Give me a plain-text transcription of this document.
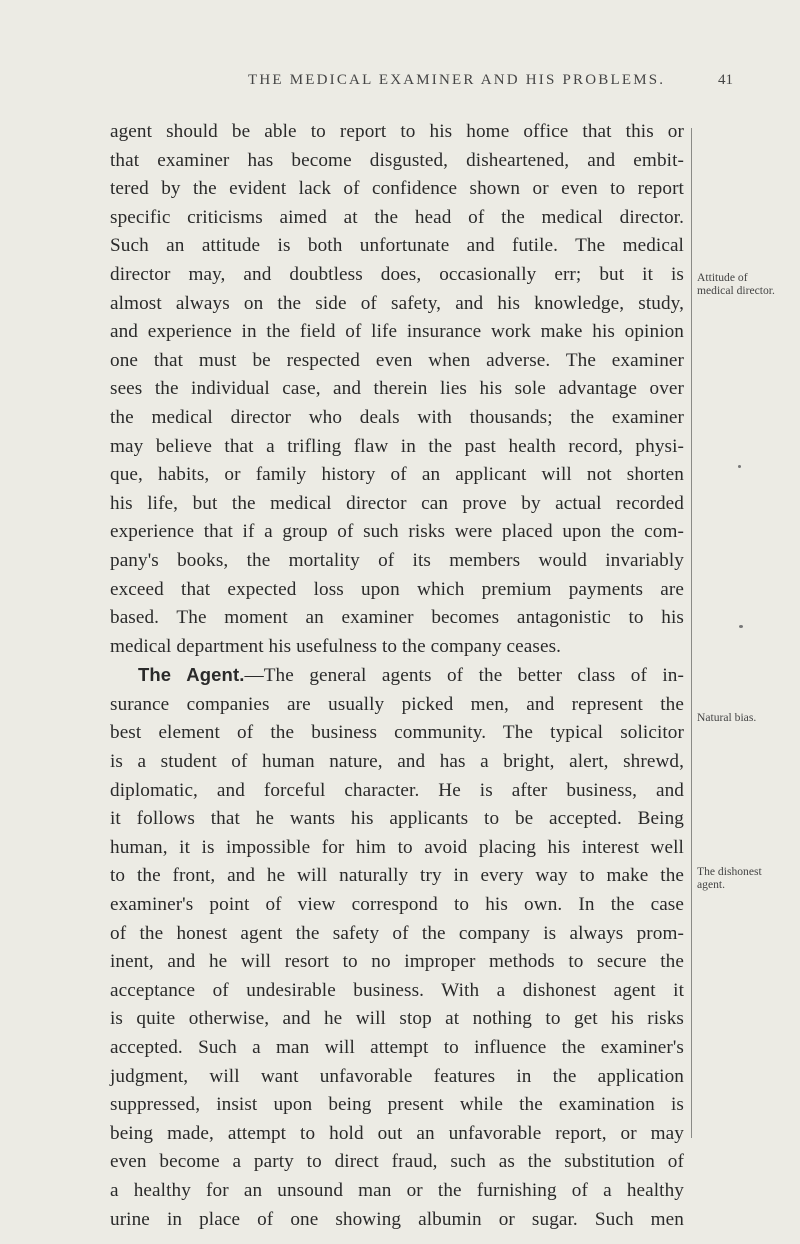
THE MEDICAL EXAMINER AND HIS PROBLEMS.	41
agent should be able to report to his home office that this or
that examiner has become disgusted, disheartened, and embit-
tered by the evident lack of confidence shown or even to report
specific criticisms aimed at the head of the medical director.
Such an attitude is both unfortunate and futile. The medical
director may, and doubtless does, occasionally err; but it is
almost always on the side of safety, and his knowledge, study,
and experience in the field of life insurance work make his opinion
one that must be respected even when adverse. The examiner
sees the individual case, and therein lies his sole advantage over
the medical director who deals with thousands; the examiner
may believe that a trifling flaw in the past health record, physi-
que, habits, or family history of an applicant will not shorten
his life, but the medical director can prove by actual recorded
experience that if a group of such risks were placed upon the com-
pany's books, the mortality of its members would invariably
exceed that expected loss upon which premium payments are
based. The moment an examiner becomes antagonistic to his
medical department his usefulness to the company ceases.
The Agent.—The general agents of the better class of in-
surance companies are usually picked men, and represent the
best element of the business community. The typical solicitor
is a student of human nature, and has a bright, alert, shrewd,
diplomatic, and forceful character. He is after business, and
it follows that he wants his applicants to be accepted. Being
human, it is impossible for him to avoid placing his interest well
to the front, and he will naturally try in every way to make the
examiner's point of view correspond to his own. In the case
of the honest agent the safety of the company is always prom-
inent, and he will resort to no improper methods to secure the
acceptance of undesirable business. With a dishonest agent it
is quite otherwise, and he will stop at nothing to get his risks
accepted. Such a man will attempt to influence the examiner's
judgment, will want unfavorable features in the application
suppressed, insist upon being present while the examination is
being made, attempt to hold out an unfavorable report, or may
even become a party to direct fraud, such as the substitution of
a healthy for an unsound man or the furnishing of a healthy
urine in place of one showing albumin or sugar. Such men
Attitude of
medical director.
Natural bias.
The dishonest
agent.
